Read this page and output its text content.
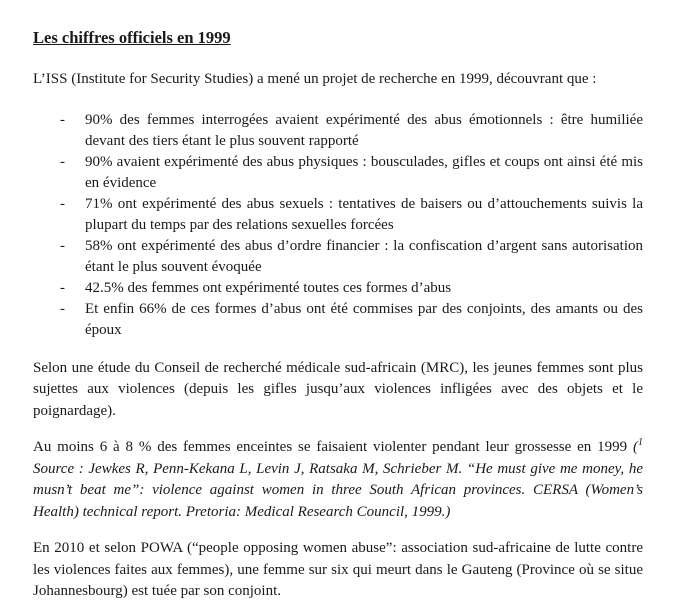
Les chiffres officiels en 1999

L’ISS (Institute for Security Studies) a mené un projet de recherche en 1999, découvrant que :

- 90% des femmes interrogées avaient expérimenté des abus émotionnels : être humiliée devant des tiers étant le plus souvent rapporté
- 90% avaient expérimenté des abus physiques : bousculades, gifles et coups ont ainsi été mis en évidence
- 71% ont expérimenté des abus sexuels : tentatives de baisers ou d’attouchements suivis la plupart du temps par des relations sexuelles forcées
- 58% ont expérimenté des abus d’ordre financier : la confiscation d’argent sans autorisation étant le plus souvent évoquée
- 42.5% des femmes ont expérimenté toutes ces formes d’abus
- Et enfin 66% de ces formes d’abus ont été commises par des conjoints, des amants ou des époux

Selon une étude du Conseil de recherché médicale sud-africain (MRC), les jeunes femmes sont plus sujettes aux violences (depuis les gifles jusqu’aux violences infligées avec des objets et le poignardage).

Au moins 6 à 8 % des femmes enceintes se faisaient violenter pendant leur grossesse en 1999 ($^1$ Source : Jewkes R, Penn-Kekana L, Levin J, Ratsaka M, Schrieber M. “He must give me money, he musn’t beat me”: violence against women in three South African provinces. CERSA (Women’s Health) technical report. Pretoria: Medical Research Council, 1999.)

En 2010 et selon POWA (“people opposing women abuse”: association sud-africaine de lutte contre les violences faites aux femmes), une femme sur six qui meurt dans le Gauteng (Province où se situe Johannesbourg) est tuée par son conjoint.
